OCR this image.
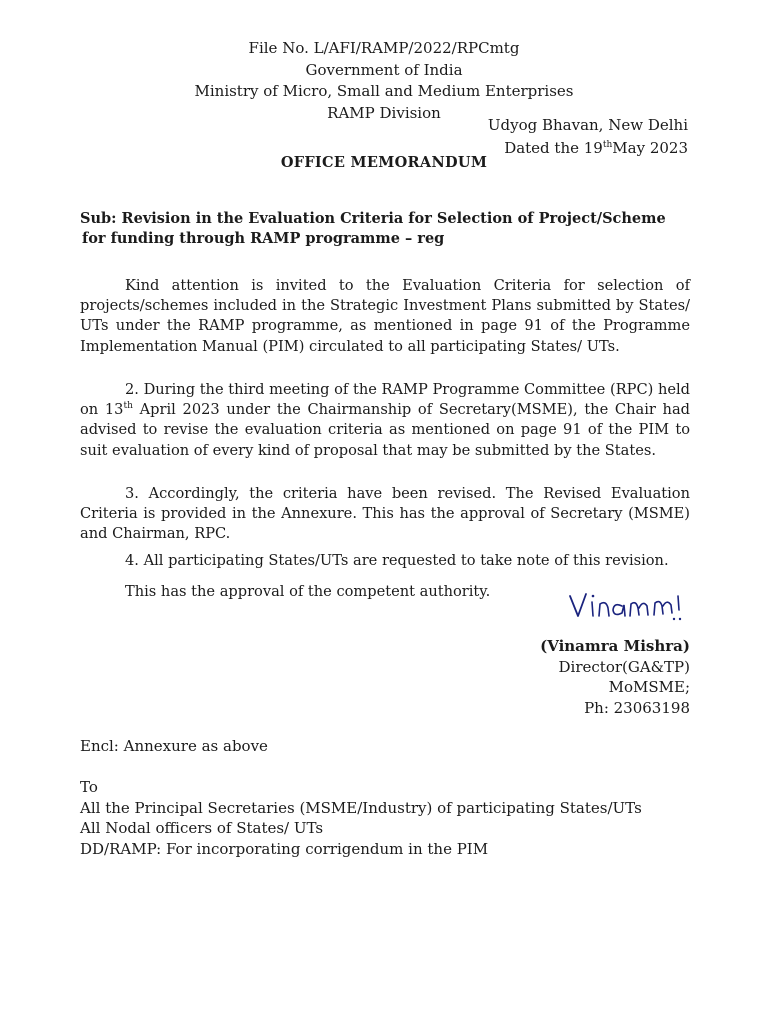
File No. L/AFI/RAMP/2022/RPCmtg
Government of India
Ministry of Micro, Small and Medium Enterprises
RAMP Division
Udyog Bhavan, New Delhi
Dated the 19thMay 2023
OFFICE MEMORANDUM
Sub: Revision in the Evaluation Criteria for Selection of Project/Scheme
for funding through RAMP programme – reg
Kind attention is invited to the Evaluation Criteria for selection of projects/schemes included in the Strategic Investment Plans submitted by States/ UTs under the RAMP programme, as mentioned in page 91 of the Programme Implementation Manual (PIM) circulated to all participating States/ UTs.
2. During the third meeting of the RAMP Programme Committee (RPC) held on 13th April 2023 under the Chairmanship of Secretary(MSME), the Chair had advised to revise the evaluation criteria as mentioned on page 91 of the PIM to suit evaluation of every kind of proposal that may be submitted by the States.
3. Accordingly, the criteria have been revised. The Revised Evaluation Criteria is provided in the Annexure. This has the approval of Secretary (MSME) and Chairman, RPC.
4. All participating States/UTs are requested to take note of this revision.
This has the approval of the competent authority.
(Vinamra Mishra)
Director(GA&TP)
MoMSME;
Ph: 23063198
Encl: Annexure as above
To
All the Principal Secretaries (MSME/Industry) of participating States/UTs
All Nodal officers of States/ UTs
DD/RAMP: For incorporating corrigendum in the PIM
